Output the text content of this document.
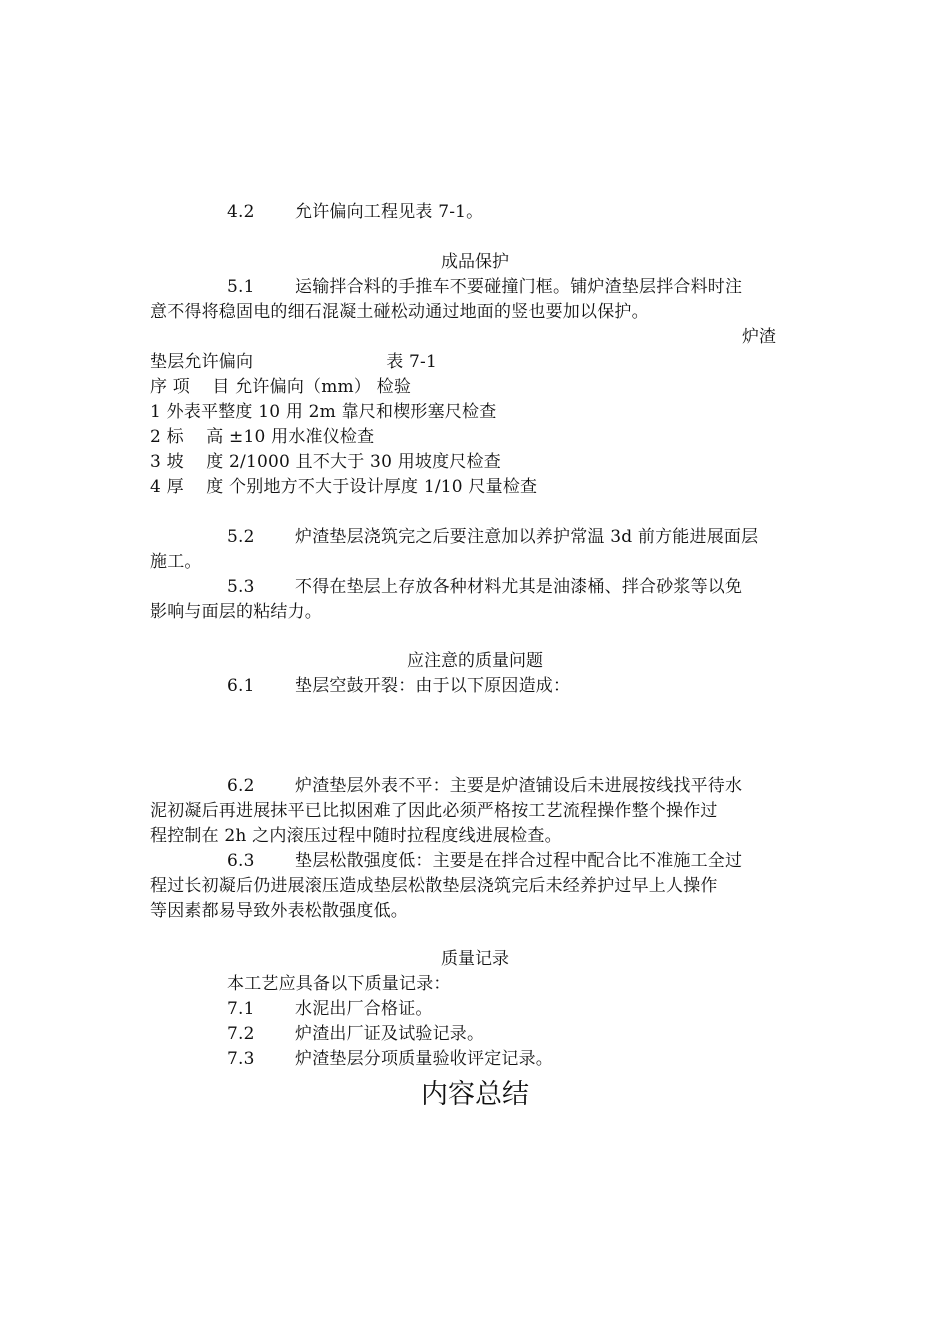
4.2 允许偏向工程见表 7-1。
成品保护
5.1 运输拌合料的手推车不要碰撞门框。铺炉渣垫层拌合料时注
意不得将稳固电的细石混凝土碰松动通过地面的竖也要加以保护。
炉渣
垫层允许偏向	表 7-1
序 项    目 允许偏向（mm） 检验
1 外表平整度 10 用 2m 靠尺和楔形塞尺检查
2 标    高 ±10 用水准仪检查
3 坡    度 2/1000 且不大于 30 用坡度尺检查
4 厚    度 个别地方不大于设计厚度 1/10 尺量检查
5.2 炉渣垫层浇筑完之后要注意加以养护常温 3d 前方能进展面层
施工。
5.3 不得在垫层上存放各种材料尤其是油漆桶、拌合砂浆等以免
影响与面层的粘结力。
应注意的质量问题
6.1 垫层空鼓开裂：由于以下原因造成：
6.2 炉渣垫层外表不平：主要是炉渣铺设后未进展按线找平待水
泥初凝后再进展抹平已比拟困难了因此必须严格按工艺流程操作整个操作过
程控制在 2h 之内滚压过程中随时拉程度线进展检查。
6.3 垫层松散强度低：主要是在拌合过程中配合比不准施工全过
程过长初凝后仍进展滚压造成垫层松散垫层浇筑完后未经养护过早上人操作
等因素都易导致外表松散强度低。
质量记录
本工艺应具备以下质量记录：
7.1 水泥出厂合格证。
7.2 炉渣出厂证及试验记录。
7.3 炉渣垫层分项质量验收评定记录。
内容总结
